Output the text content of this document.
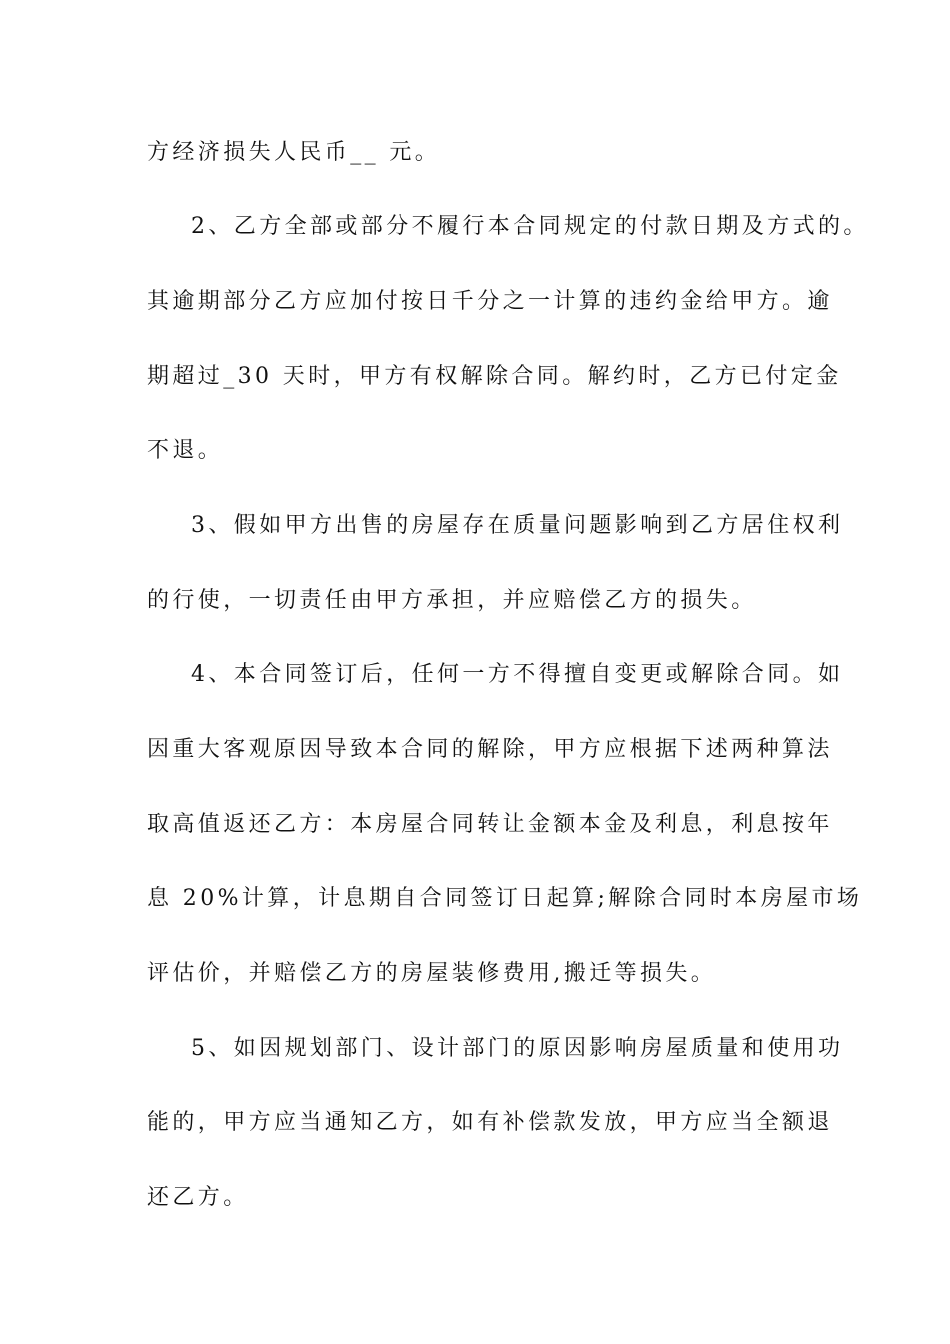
方经济损失人民币__ 元。
2、乙方全部或部分不履行本合同规定的付款日期及方式的。
其逾期部分乙方应加付按日千分之一计算的违约金给甲方。逾
期超过_30 天时，甲方有权解除合同。解约时，乙方已付定金
不退。
3、假如甲方出售的房屋存在质量问题影响到乙方居住权利
的行使，一切责任由甲方承担，并应赔偿乙方的损失。
4、本合同签订后，任何一方不得擅自变更或解除合同。如
因重大客观原因导致本合同的解除，甲方应根据下述两种算法
取高值返还乙方：本房屋合同转让金额本金及利息，利息按年
息 20%计算，计息期自合同签订日起算;解除合同时本房屋市场
评估价，并赔偿乙方的房屋装修费用,搬迁等损失。
5、如因规划部门、设计部门的原因影响房屋质量和使用功
能的，甲方应当通知乙方，如有补偿款发放，甲方应当全额退
还乙方。
